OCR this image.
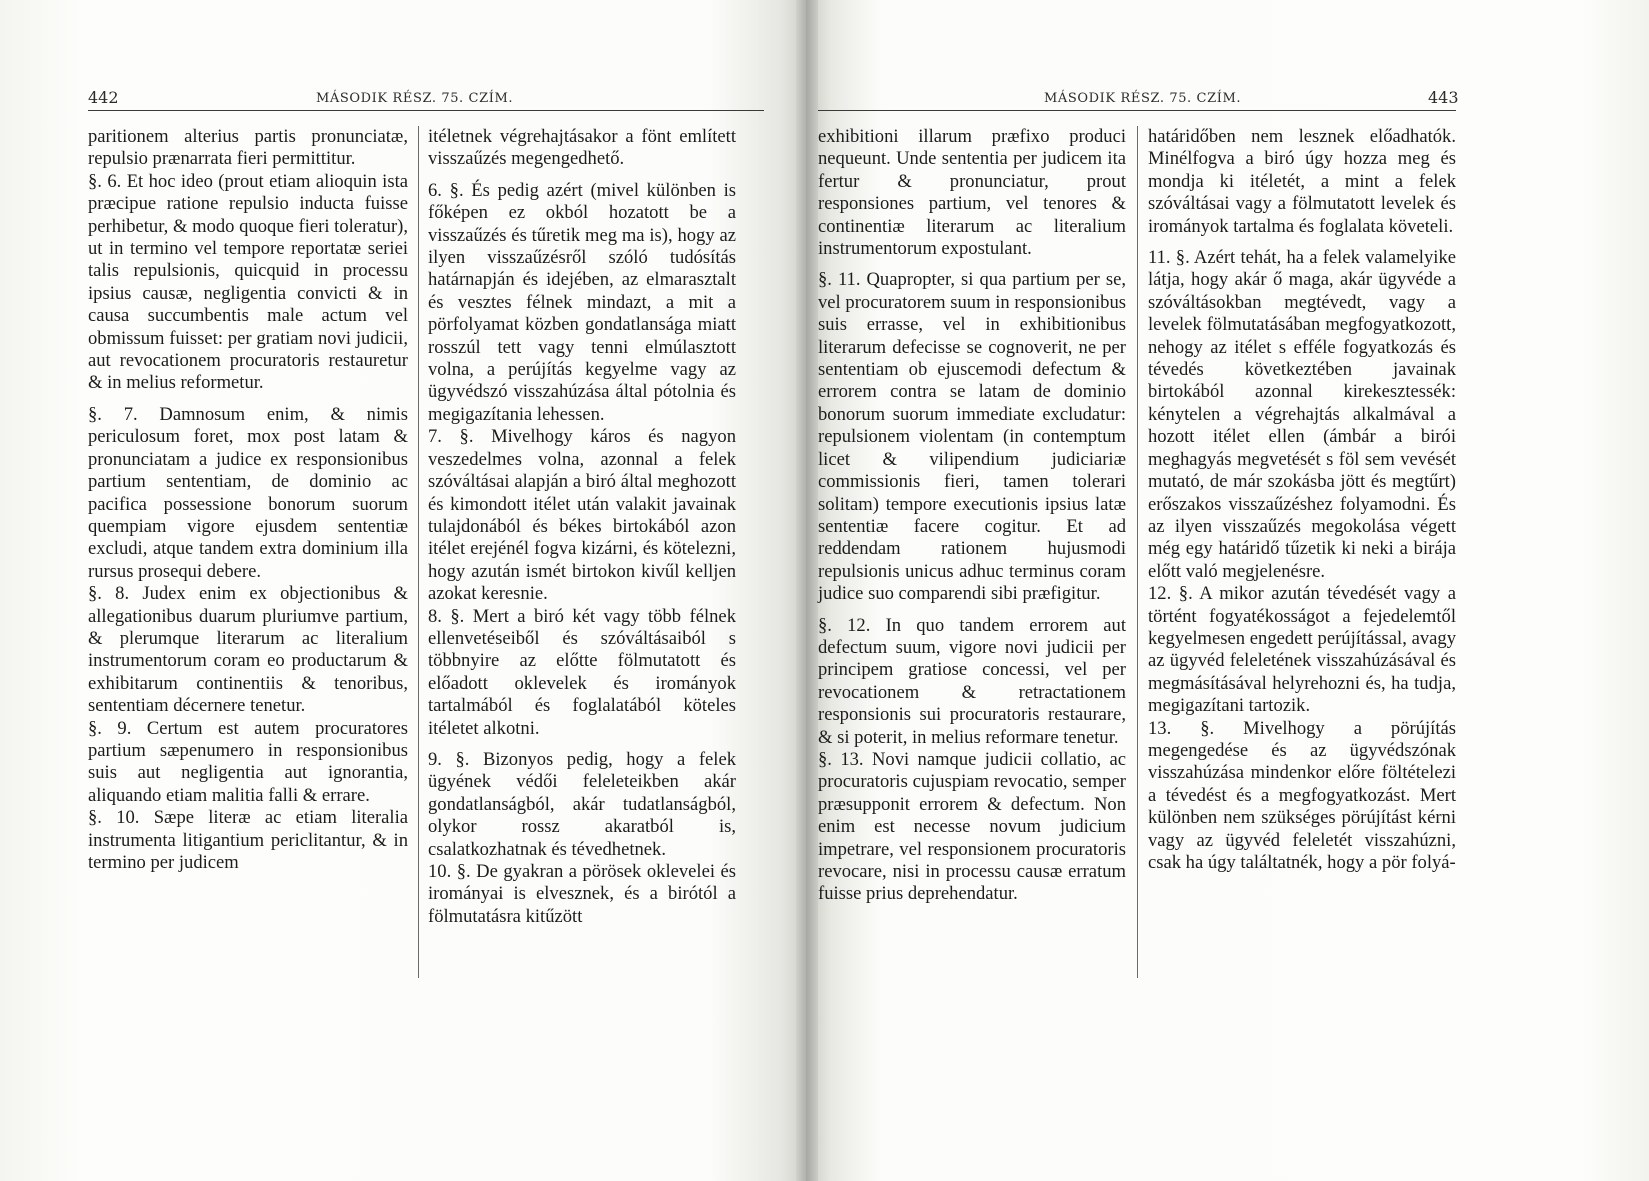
442	MÁSODIK RÉSZ. 75. CZÍM.	MÁSODIK RÉSZ. 75. CZÍM.	443

paritionem alterius partis pronunciatæ, repulsio prænarrata fieri permittitur.

§. 6. Et hoc ideo (prout etiam alioquin ista præcipue ratione repulsio inducta fuisse perhibetur, & modo quoque fieri toleratur), ut in termino vel tempore reportatæ seriei talis repulsionis, quicquid in processu ipsius causæ, negligentia convicti & in causa succumbentis male actum vel obmissum fuisset: per gratiam novi judicii, aut revocationem procuratoris restauretur & in melius reformetur.

§. 7. Damnosum enim, & nimis periculosum foret, mox post latam & pronunciatam a judice ex responsionibus partium sententiam, de dominio ac pacifica possessione bonorum suorum quempiam vigore ejusdem sententiæ excludi, atque tandem extra dominium illa rursus prosequi debere.

§. 8. Judex enim ex objectionibus & allegationibus duarum pluriumve partium, & plerumque literarum ac literalium instrumentorum coram eo productarum & exhibitarum continentiis & tenoribus, sententiam décernere tenetur.

§. 9. Certum est autem procuratores partium sæpenumero in responsionibus suis aut negligentia aut ignorantia, aliquando etiam malitia falli & errare.

§. 10. Sæpe literæ ac etiam literalia instrumenta litigantium periclitantur, & in termino per judicem

itéletnek végrehajtásakor a fönt említett visszaűzés megengedhető.

6. §. És pedig azért (mivel különben is főképen ez okból hozatott be a visszaűzés és tűretik meg ma is), hogy az ilyen visszaűzésről szóló tudósítás határnapján és idejében, az elmarasztalt és vesztes félnek mindazt, a mit a pörfolyamat közben gondatlansága miatt rosszúl tett vagy tenni elmúlasztott volna, a perújítás kegyelme vagy az ügyvédszó visszahúzása által pótolnia és megigazítania lehessen.

7. §. Mivelhogy káros és nagyon veszedelmes volna, azonnal a felek szóváltásai alapján a biró által meghozott és kimondott itélet után valakit javainak tulajdonából és békes birtokából azon itélet erejénél fogva kizárni, és kötelezni, hogy azután ismét birtokon kivűl kelljen azokat keresnie.

8. §. Mert a biró két vagy több félnek ellenvetéseiből és szóváltásaiból s többnyire az előtte fölmutatott és előadott oklevelek és irományok tartalmából és foglalatából köteles itéletet alkotni.

9. §. Bizonyos pedig, hogy a felek ügyének védői feleleteikben akár gondatlanságból, akár tudatlanságból, olykor rossz akaratból is, csalatkozhatnak és tévedhetnek.

10. §. De gyakran a pörösek oklevelei és irományai is elvesznek, és a birótól a fölmutatásra kitűzött

exhibitioni illarum præfixo produci nequeunt. Unde sententia per judicem ita fertur & pronunciatur, prout responsiones partium, vel tenores & continentiæ literarum ac literalium instrumentorum expostulant.

§. 11. Quapropter, si qua partium per se, vel procuratorem suum in responsionibus suis errasse, vel in exhibitionibus literarum defecisse se cognoverit, ne per sententiam ob ejuscemodi defectum & errorem contra se latam de dominio bonorum suorum immediate excludatur: repulsionem violentam (in contemptum licet & vilipendium judiciariæ commissionis fieri, tamen tolerari solitam) tempore executionis ipsius latæ sententiæ facere cogitur. Et ad reddendam rationem hujusmodi repulsionis unicus adhuc terminus coram judice suo comparendi sibi præfigitur.

§. 12. In quo tandem errorem aut defectum suum, vigore novi judicii per principem gratiose concessi, vel per revocationem & retractationem responsionis sui procuratoris restaurare, & si poterit, in melius reformare tenetur.

§. 13. Novi namque judicii collatio, ac procuratoris cujuspiam revocatio, semper præsupponit errorem & defectum. Non enim est necesse novum judicium impetrare, vel responsionem procuratoris revocare, nisi in processu causæ erratum fuisse prius deprehendatur.

határidőben nem lesznek előadhatók. Minélfogva a biró úgy hozza meg és mondja ki itéletét, a mint a felek szóváltásai vagy a fölmutatott levelek és irományok tartalma és foglalata követeli.

11. §. Azért tehát, ha a felek valamelyike látja, hogy akár ő maga, akár ügyvéde a szóváltásokban megtévedt, vagy a levelek fölmutatásában megfogyatkozott, nehogy az itélet s efféle fogyatkozás és tévedés következtében javainak birtokából azonnal kirekesztessék: kénytelen a végrehajtás alkalmával a hozott itélet ellen (ámbár a birói meghagyás megvetését s föl sem vevését mutató, de már szokásba jött és megtűrt) erőszakos visszaűzéshez folyamodni. És az ilyen visszaűzés megokolása végett még egy határidő tűzetik ki neki a birája előtt való megjelenésre.

12. §. A mikor azután tévedését vagy a történt fogyatékosságot a fejedelemtől kegyelmesen engedett perújítással, avagy az ügyvéd feleletének visszahúzásával és megmásításával helyrehozni és, ha tudja, megigazítani tartozik.

13. §. Mivelhogy a pörújítás megengedése és az ügyvédszónak visszahúzása mindenkor előre föltételezi a tévedést és a megfogyatkozást. Mert különben nem szükséges pörújítást kérni vagy az ügyvéd feleletét visszahúzni, csak ha úgy találtatnék, hogy a pör folyá-
